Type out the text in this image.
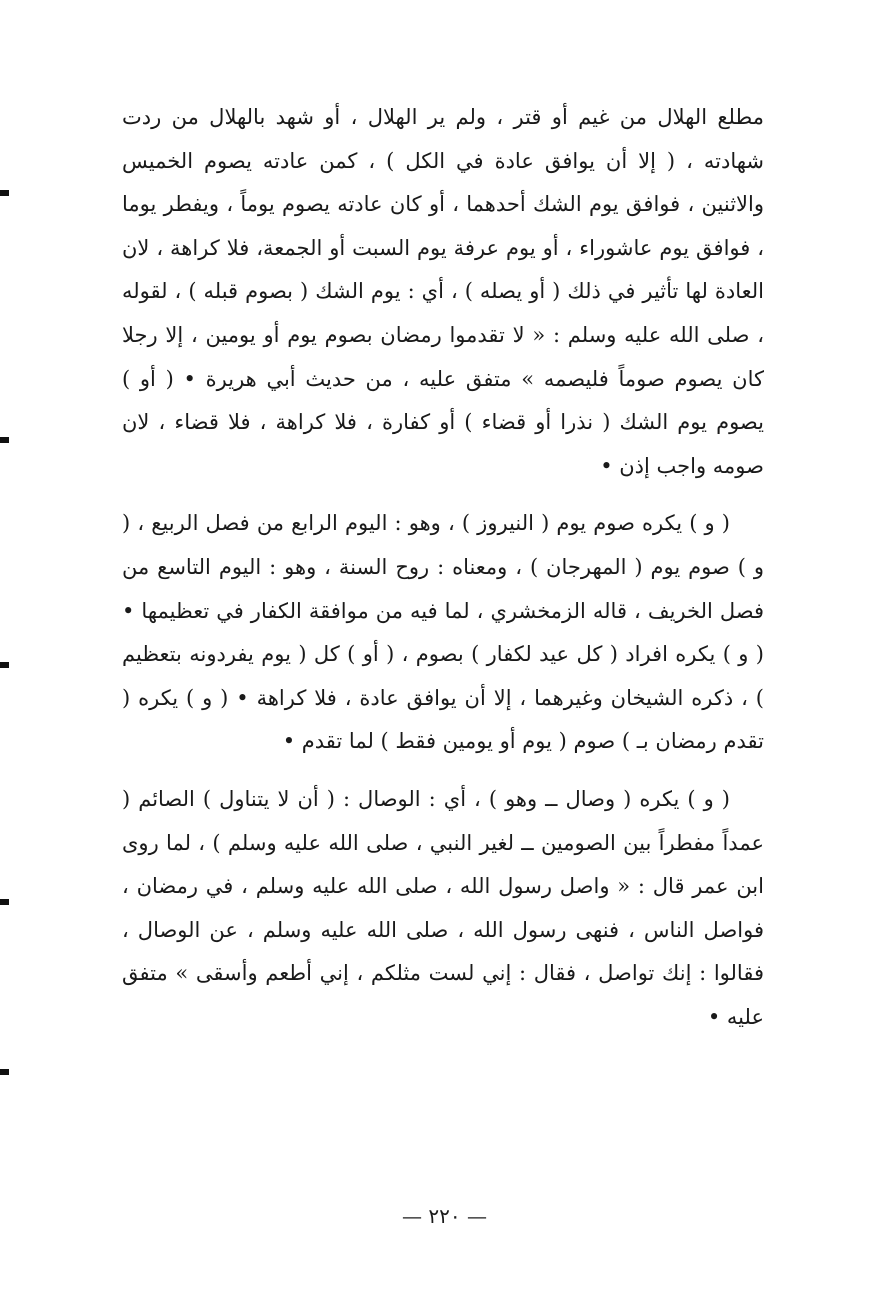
مطلع الهلال من غيم أو قتر ، ولم ير الهلال ، أو شهد بالهلال من ردت شهادته ، ( إلا أن يوافق عادة في الكل ) ، كمن عادته يصوم الخميس والاثنين ، فوافق يوم الشك أحدهما ، أو كان عادته يصوم يوماً ، ويفطر يوما ، فوافق يوم عاشوراء ، أو يوم عرفة يوم السبت أو الجمعة، فلا كراهة ، لان العادة لها تأثير في ذلك ( أو يصله ) ، أي : يوم الشك ( بصوم قبله ) ، لقوله ، صلى الله عليه وسلم : « لا تقدموا رمضان بصوم يوم أو يومين ، إلا رجلا كان يصوم صوماً فليصمه » متفق عليه ، من حديث أبي هريرة • ( أو ) يصوم يوم الشك ( نذرا أو قضاء ) أو كفارة ، فلا كراهة ، فلا قضاء ، لان صومه واجب إذن •

( و ) يكره صوم يوم ( النيروز ) ، وهو : اليوم الرابع من فصل الربيع ، ( و ) صوم يوم ( المهرجان ) ، ومعناه : روح السنة ، وهو : اليوم التاسع من فصل الخريف ، قاله الزمخشري ، لما فيه من موافقة الكفار في تعظيمها • ( و ) يكره افراد ( كل عيد لكفار ) بصوم ، ( أو ) كل ( يوم يفردونه بتعظيم ) ، ذكره الشيخان وغيرهما ، إلا أن يوافق عادة ، فلا كراهة • ( و ) يكره ( تقدم رمضان بـ ) صوم ( يوم أو يومين فقط ) لما تقدم •

( و ) يكره ( وصال ــ وهو ) ، أي : الوصال : ( أن لا يتناول ) الصائم ( عمداً مفطراً بين الصومين ــ لغير النبي ، صلى الله عليه وسلم ) ، لما روى ابن عمر قال : « واصل رسول الله ، صلى الله عليه وسلم ، في رمضان ، فواصل الناس ، فنهى رسول الله ، صلى الله عليه وسلم ، عن الوصال ، فقالوا : إنك تواصل ، فقال : إني لست مثلكم ، إني أطعم وأسقى » متفق عليه •

— ٢٢٠ —
